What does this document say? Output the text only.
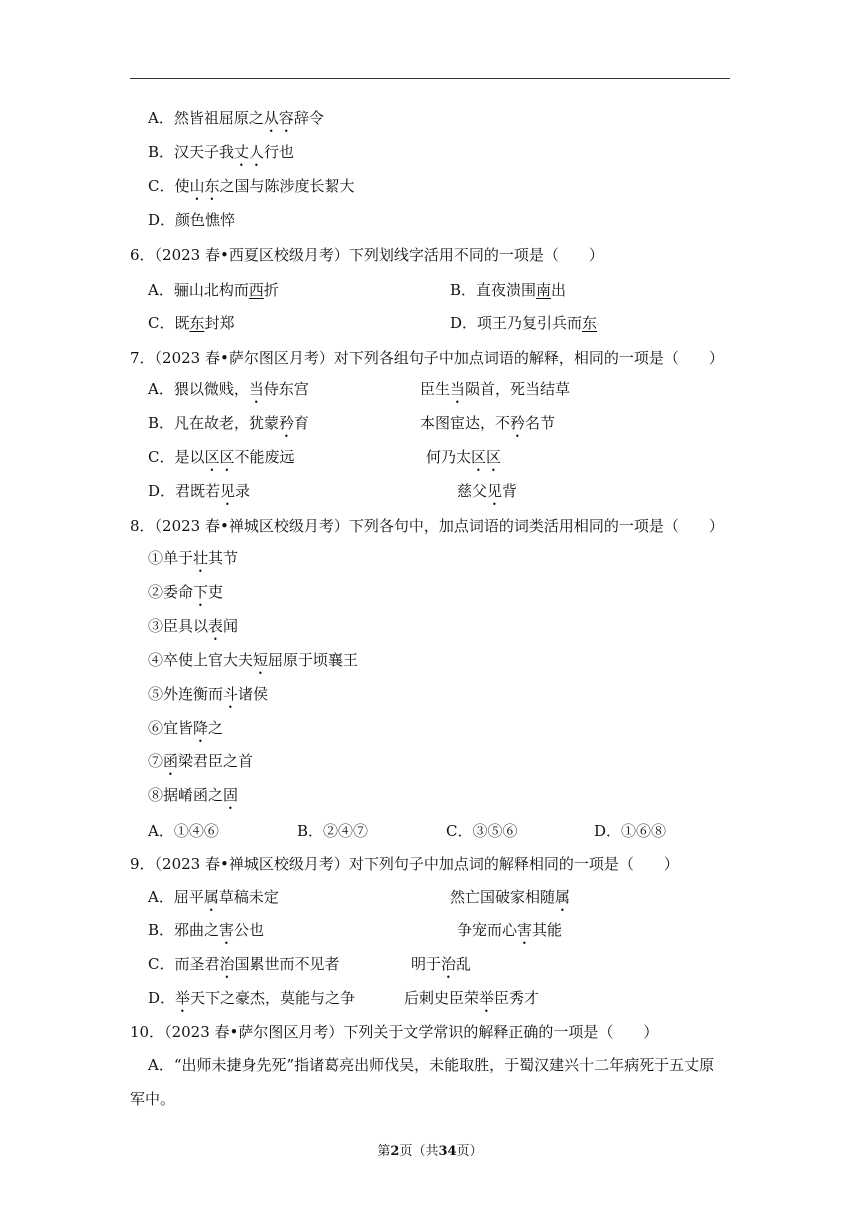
A．然皆祖屈原之从容辞令
B．汉天子我丈人行也
C．使山东之国与陈涉度长絜大
D．颜色憔悴
6．（2023 春•西夏区校级月考）下列划线字活用不同的一项是（　　）
A．骊山北构而西折	B．直夜溃围南出
C．既东封郑	D．项王乃复引兵而东
7．（2023 春•萨尔图区月考）对下列各组句子中加点词语的解释，相同的一项是（　　）
A．猥以微贱，当侍东宫	臣生当陨首，死当结草
B．凡在故老，犹蒙矜育	本图宦达，不矜名节
C．是以区区不能废远	何乃太区区
D．君既若见录	慈父见背
8．（2023 春•禅城区校级月考）下列各句中，加点词语的词类活用相同的一项是（　　）
①单于壮其节
②委命下吏
③臣具以表闻
④卒使上官大夫短屈原于顷襄王
⑤外连衡而斗诸侯
⑥宜皆降之
⑦函梁君臣之首
⑧据崤函之固
A．①④⑥	B．②④⑦	C．③⑤⑥	D．①⑥⑧
9．（2023 春•禅城区校级月考）对下列句子中加点词的解释相同的一项是（　　）
A．屈平属草稿未定	然亡国破家相随属
B．邪曲之害公也	争宠而心害其能
C．而圣君治国累世而不见者	明于治乱
D．举天下之豪杰，莫能与之争	后刺史臣荣举臣秀才
10．（2023 春•萨尔图区月考）下列关于文学常识的解释正确的一项是（　　）
A．“出师未捷身先死”指诸葛亮出师伐吴，未能取胜，于蜀汉建兴十二年病死于五丈原
军中。
第2页（共34页）
